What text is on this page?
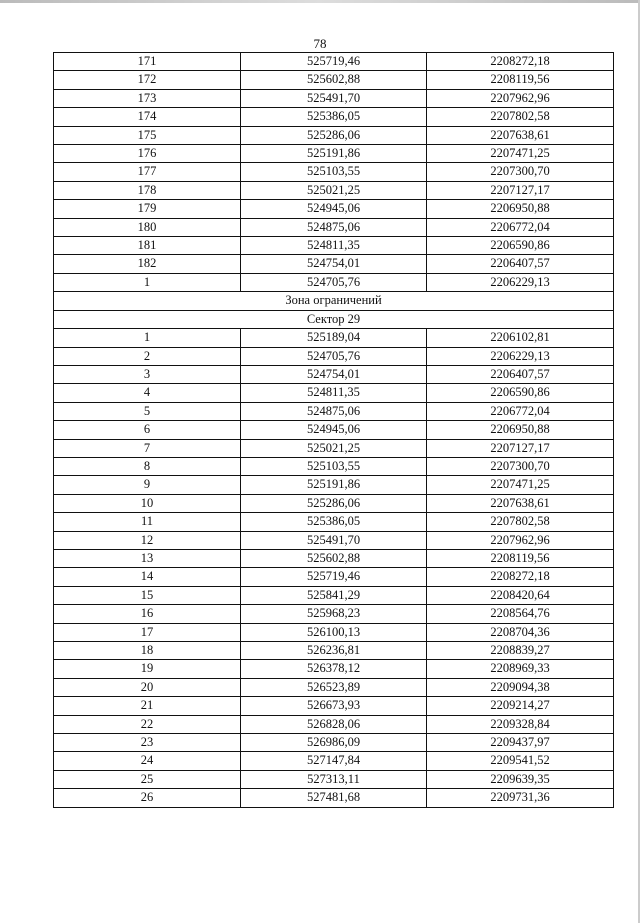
78
171	525719,46	2208272,18
172	525602,88	2208119,56
173	525491,70	2207962,96
174	525386,05	2207802,58
175	525286,06	2207638,61
176	525191,86	2207471,25
177	525103,55	2207300,70
178	525021,25	2207127,17
179	524945,06	2206950,88
180	524875,06	2206772,04
181	524811,35	2206590,86
182	524754,01	2206407,57
1	524705,76	2206229,13
Зона ограничений		
Сектор 29		
1	525189,04	2206102,81
2	524705,76	2206229,13
3	524754,01	2206407,57
4	524811,35	2206590,86
5	524875,06	2206772,04
6	524945,06	2206950,88
7	525021,25	2207127,17
8	525103,55	2207300,70
9	525191,86	2207471,25
10	525286,06	2207638,61
11	525386,05	2207802,58
12	525491,70	2207962,96
13	525602,88	2208119,56
14	525719,46	2208272,18
15	525841,29	2208420,64
16	525968,23	2208564,76
17	526100,13	2208704,36
18	526236,81	2208839,27
19	526378,12	2208969,33
20	526523,89	2209094,38
21	526673,93	2209214,27
22	526828,06	2209328,84
23	526986,09	2209437,97
24	527147,84	2209541,52
25	527313,11	2209639,35
26	527481,68	2209731,36
